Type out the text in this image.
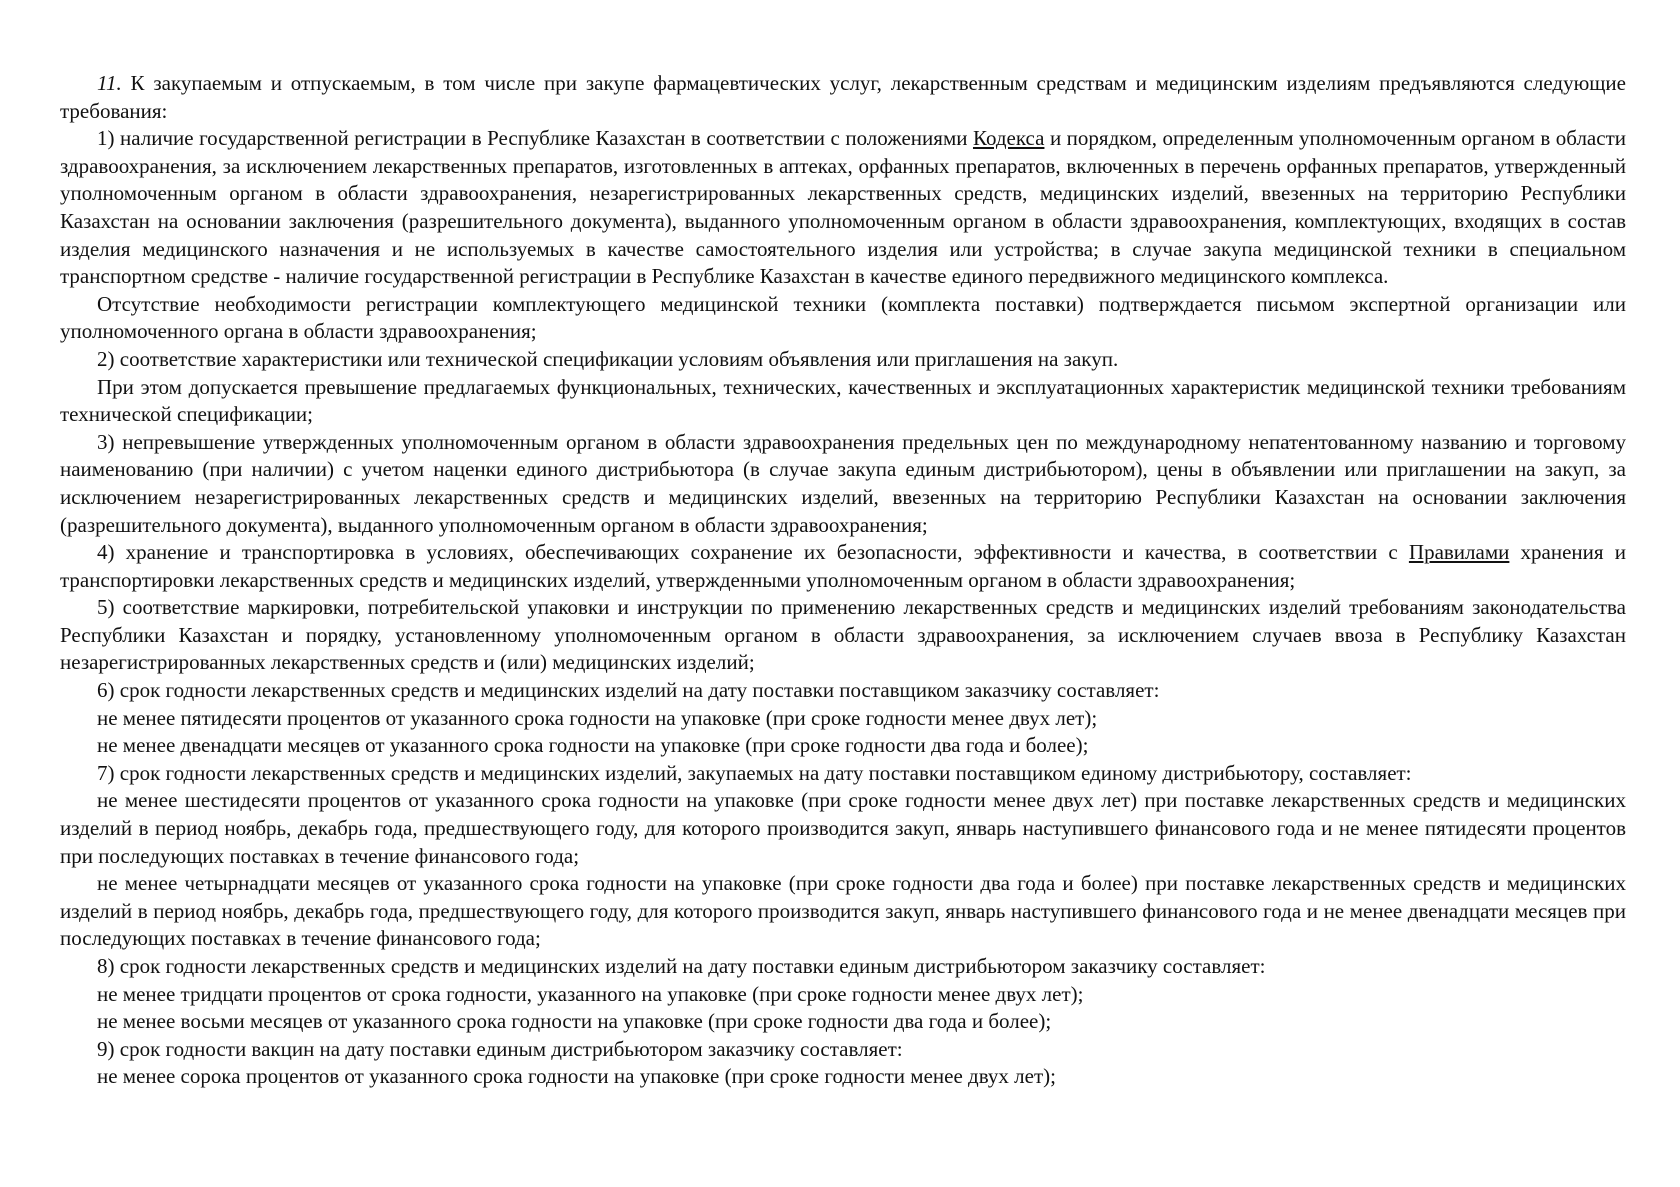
11. К закупаемым и отпускаемым, в том числе при закупе фармацевтических услуг, лекарственным средствам и медицинским изделиям предъявляются следующие требования:

1) наличие государственной регистрации в Республике Казахстан в соответствии с положениями Кодекса и порядком, определенным уполномоченным органом в области здравоохранения, за исключением лекарственных препаратов, изготовленных в аптеках, орфанных препаратов, включенных в перечень орфанных препаратов, утвержденный уполномоченным органом в области здравоохранения, незарегистрированных лекарственных средств, медицинских изделий, ввезенных на территорию Республики Казахстан на основании заключения (разрешительного документа), выданного уполномоченным органом в области здравоохранения, комплектующих, входящих в состав изделия медицинского назначения и не используемых в качестве самостоятельного изделия или устройства; в случае закупа медицинской техники в специальном транспортном средстве - наличие государственной регистрации в Республике Казахстан в качестве единого передвижного медицинского комплекса.

Отсутствие необходимости регистрации комплектующего медицинской техники (комплекта поставки) подтверждается письмом экспертной организации или уполномоченного органа в области здравоохранения;

2) соответствие характеристики или технической спецификации условиям объявления или приглашения на закуп.

При этом допускается превышение предлагаемых функциональных, технических, качественных и эксплуатационных характеристик медицинской техники требованиям технической спецификации;

3) непревышение утвержденных уполномоченным органом в области здравоохранения предельных цен по международному непатентованному названию и торговому наименованию (при наличии) с учетом наценки единого дистрибьютора (в случае закупа единым дистрибьютором), цены в объявлении или приглашении на закуп, за исключением незарегистрированных лекарственных средств и медицинских изделий, ввезенных на территорию Республики Казахстан на основании заключения (разрешительного документа), выданного уполномоченным органом в области здравоохранения;

4) хранение и транспортировка в условиях, обеспечивающих сохранение их безопасности, эффективности и качества, в соответствии с Правилами хранения и транспортировки лекарственных средств и медицинских изделий, утвержденными уполномоченным органом в области здравоохранения;

5) соответствие маркировки, потребительской упаковки и инструкции по применению лекарственных средств и медицинских изделий требованиям законодательства Республики Казахстан и порядку, установленному уполномоченным органом в области здравоохранения, за исключением случаев ввоза в Республику Казахстан незарегистрированных лекарственных средств и (или) медицинских изделий;

6) срок годности лекарственных средств и медицинских изделий на дату поставки поставщиком заказчику составляет:

не менее пятидесяти процентов от указанного срока годности на упаковке (при сроке годности менее двух лет);

не менее двенадцати месяцев от указанного срока годности на упаковке (при сроке годности два года и более);

7) срок годности лекарственных средств и медицинских изделий, закупаемых на дату поставки поставщиком единому дистрибьютору, составляет:

не менее шестидесяти процентов от указанного срока годности на упаковке (при сроке годности менее двух лет) при поставке лекарственных средств и медицинских изделий в период ноябрь, декабрь года, предшествующего году, для которого производится закуп, январь наступившего финансового года и не менее пятидесяти процентов при последующих поставках в течение финансового года;

не менее четырнадцати месяцев от указанного срока годности на упаковке (при сроке годности два года и более) при поставке лекарственных средств и медицинских изделий в период ноябрь, декабрь года, предшествующего году, для которого производится закуп, январь наступившего финансового года и не менее двенадцати месяцев при последующих поставках в течение финансового года;

8) срок годности лекарственных средств и медицинских изделий на дату поставки единым дистрибьютором заказчику составляет:

не менее тридцати процентов от срока годности, указанного на упаковке (при сроке годности менее двух лет);

не менее восьми месяцев от указанного срока годности на упаковке (при сроке годности два года и более);

9) срок годности вакцин на дату поставки единым дистрибьютором заказчику составляет:

не менее сорока процентов от указанного срока годности на упаковке (при сроке годности менее двух лет);
